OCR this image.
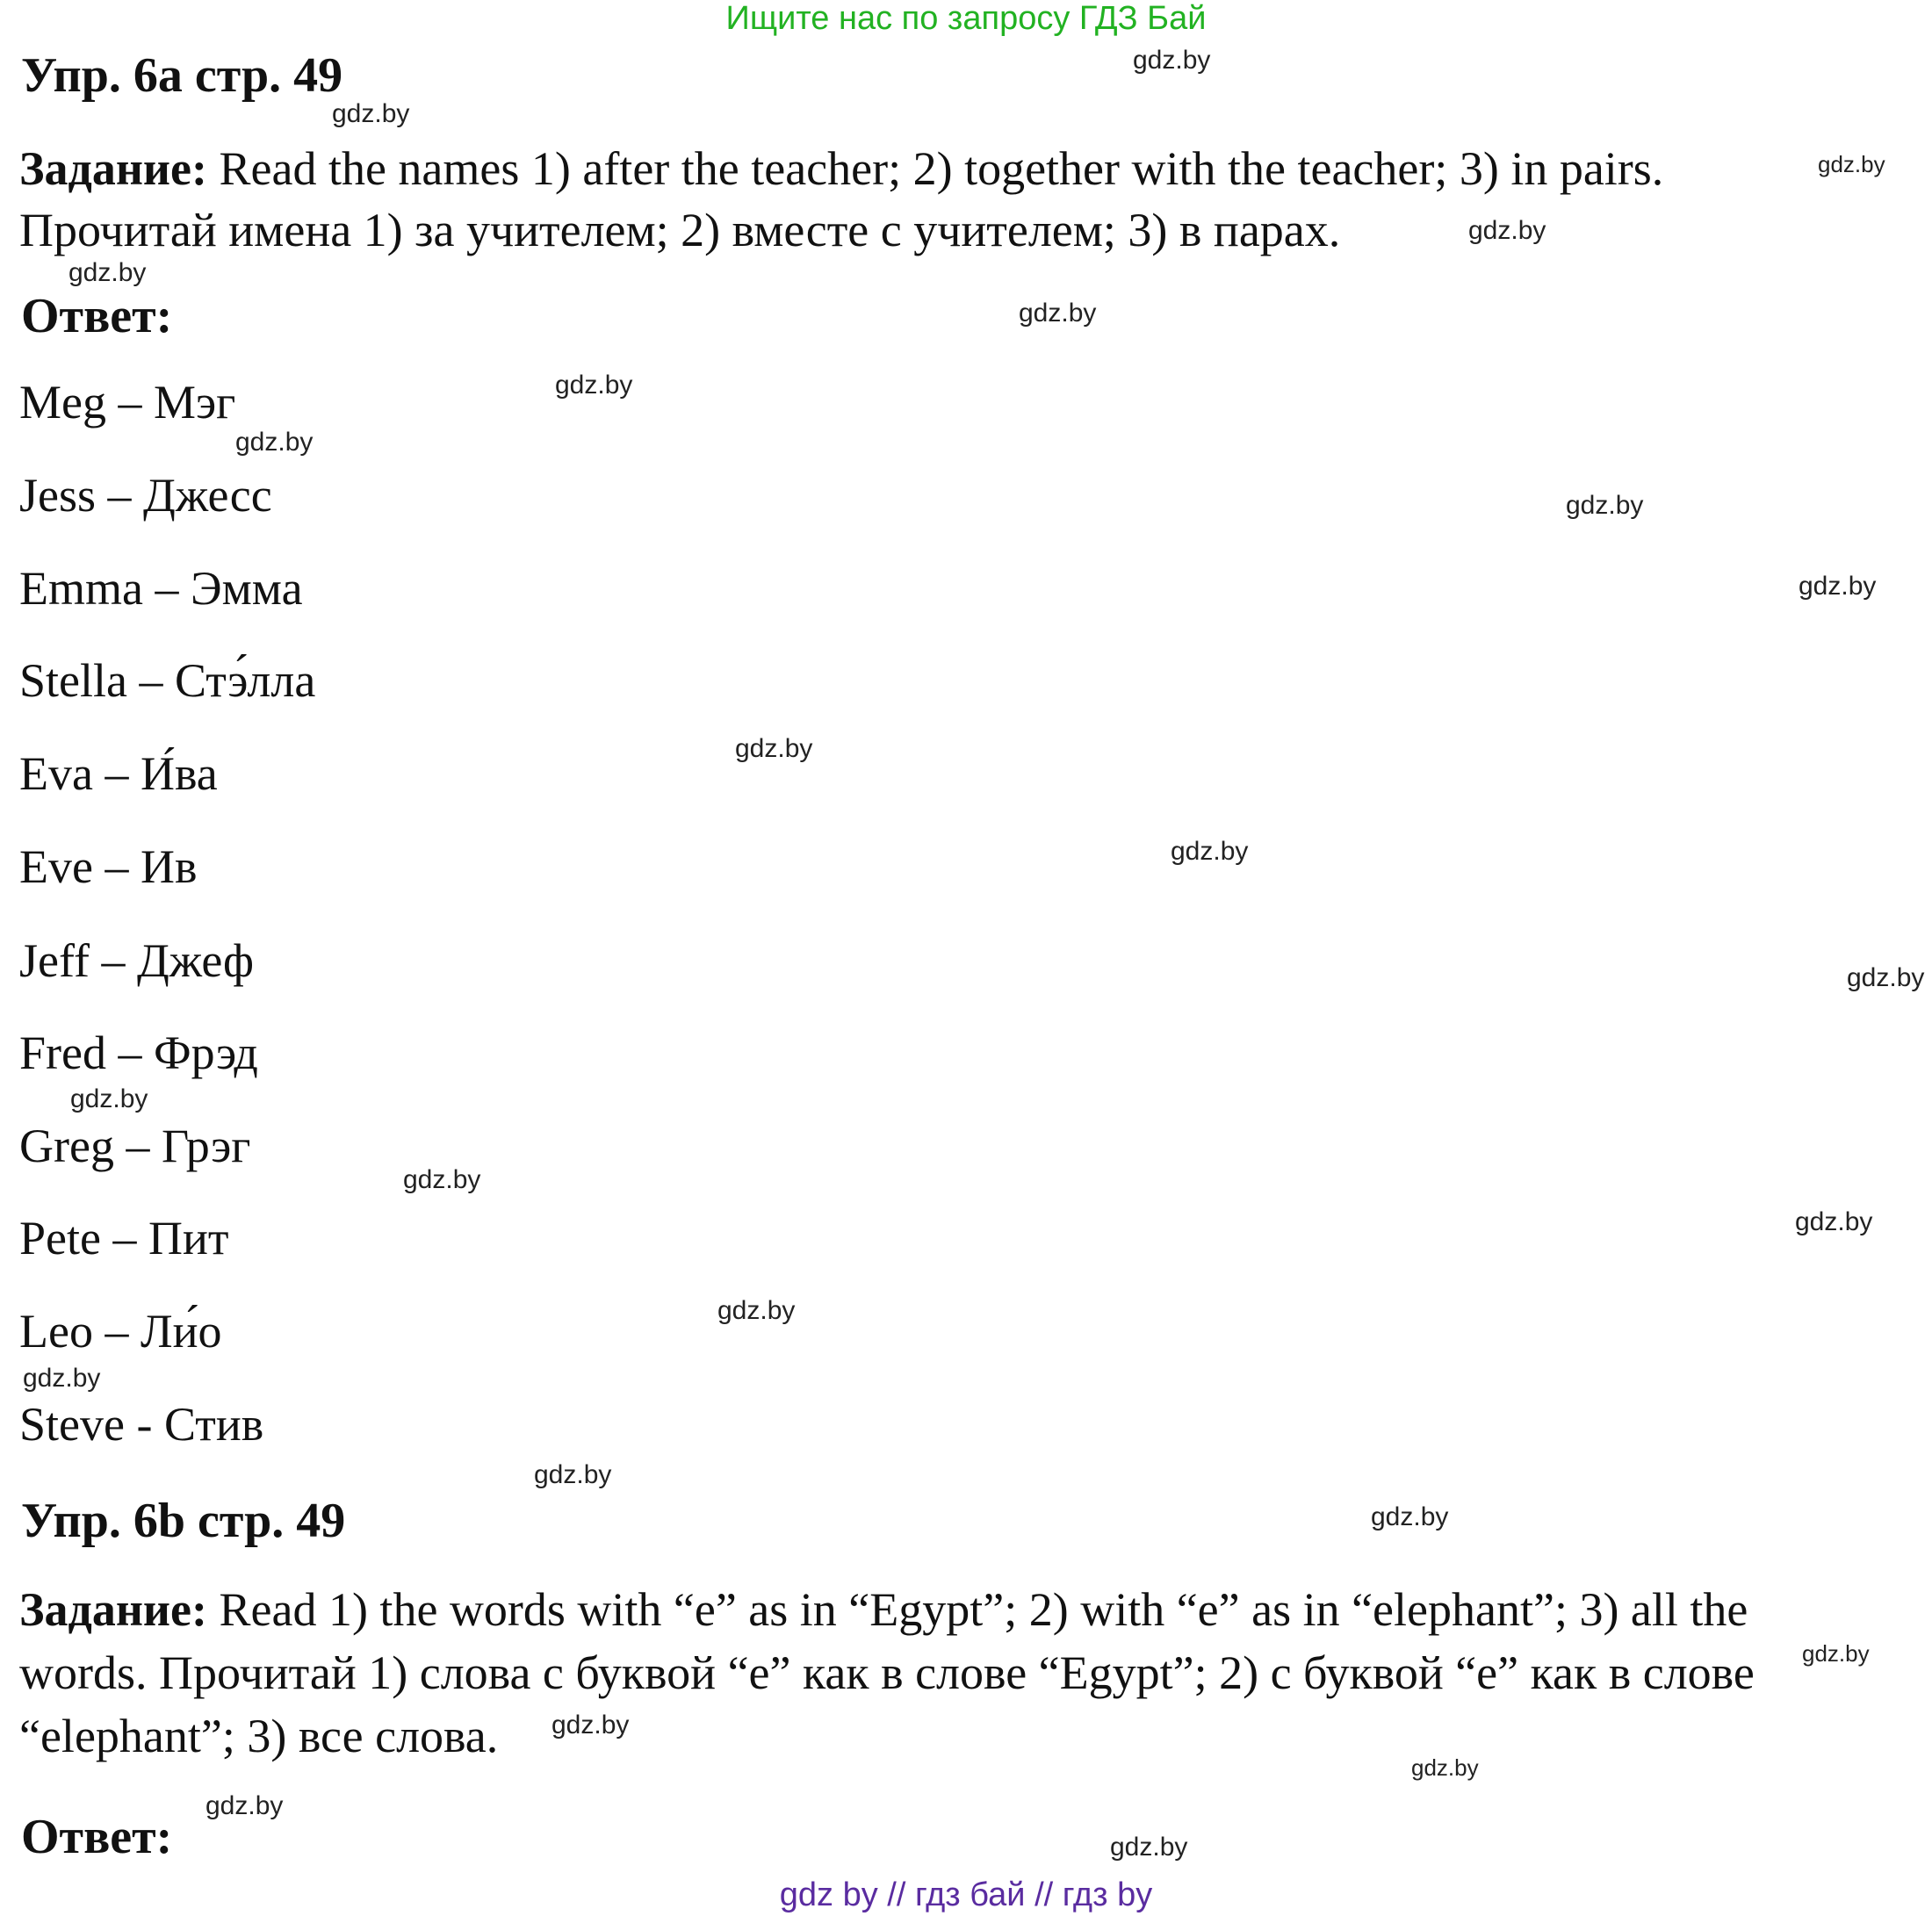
Ищите нас по запросу ГДЗ Бай
Упр. 6а стр. 49
Задание: Read the names 1) after the teacher; 2) together with the teacher; 3) in pairs.
Прочитай имена 1) за учителем; 2) вместе с учителем; 3) в парах.
Ответ:
Meg – Мэг
Jess – Джесс
Emma – Эмма
Stella – Стэ́лла
Eva – И́ва
Eve – Ив
Jeff – Джеф
Fred – Фрэд
Greg – Грэг
Pete – Пит
Leo – Ли́о
Steve - Стив
Упр. 6b стр. 49
Задание: Read 1) the words with “e” as in “Egypt”; 2) with “e” as in “elephant”; 3) all the
words. Прочитай 1) слова с буквой “e” как в слове “Egypt”; 2) с буквой “e” как в слове
“elephant”; 3) все слова.
Ответ:
gdz.by
gdz.by
gdz.by
gdz.by
gdz.by
gdz.by
gdz.by
gdz.by
gdz.by
gdz.by
gdz.by
gdz.by
gdz.by
gdz.by
gdz.by
gdz.by
gdz.by
gdz.by
gdz.by
gdz.by
gdz.by
gdz.by
gdz.by
gdz.by
gdz.by
gdz by // гдз бай // гдз by
